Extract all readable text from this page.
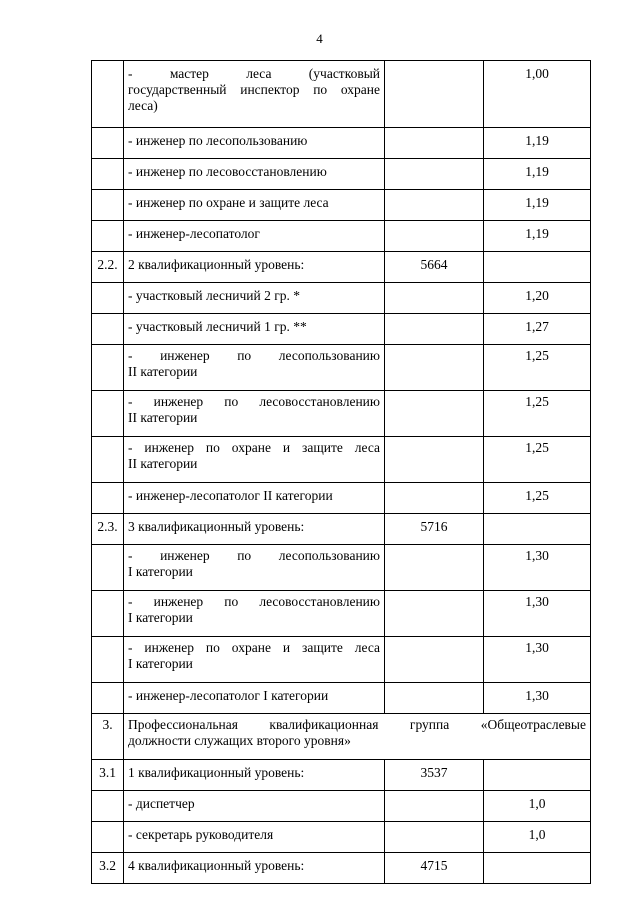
4

	- мастер леса (участковый
государственный инспектор по охране
леса)		1,00

	- инженер по лесопользованию		1,19

	- инженер по лесовосстановлению		1,19

	- инженер по охране и защите леса		1,19

	- инженер-лесопатолог		1,19
2.2.	2 квалификационный уровень:	5664	

	- участковый лесничий 2 гр. *		1,20

	- участковый лесничий 1 гр. **		1,27

	- инженер по лесопользованию
II категории		1,25

	- инженер по лесовосстановлению
II категории		1,25

	- инженер по охране и защите леса
II категории		1,25

	- инженер-лесопатолог II категории		1,25
2.3.	3 квалификационный уровень:	5716	

	- инженер по лесопользованию
I категории		1,30

	- инженер по лесовосстановлению
I категории		1,30

	- инженер по охране и защите леса
I категории		1,30

	- инженер-лесопатолог I категории		1,30
3.	Профессиональная квалификационная группа «Общеотраслевые
должности служащих второго уровня»		

3.1	1 квалификационный уровень:	3537	

	- диспетчер		1,0

	- секретарь руководителя		1,0
3.2	4 квалификационный уровень:	4715	
